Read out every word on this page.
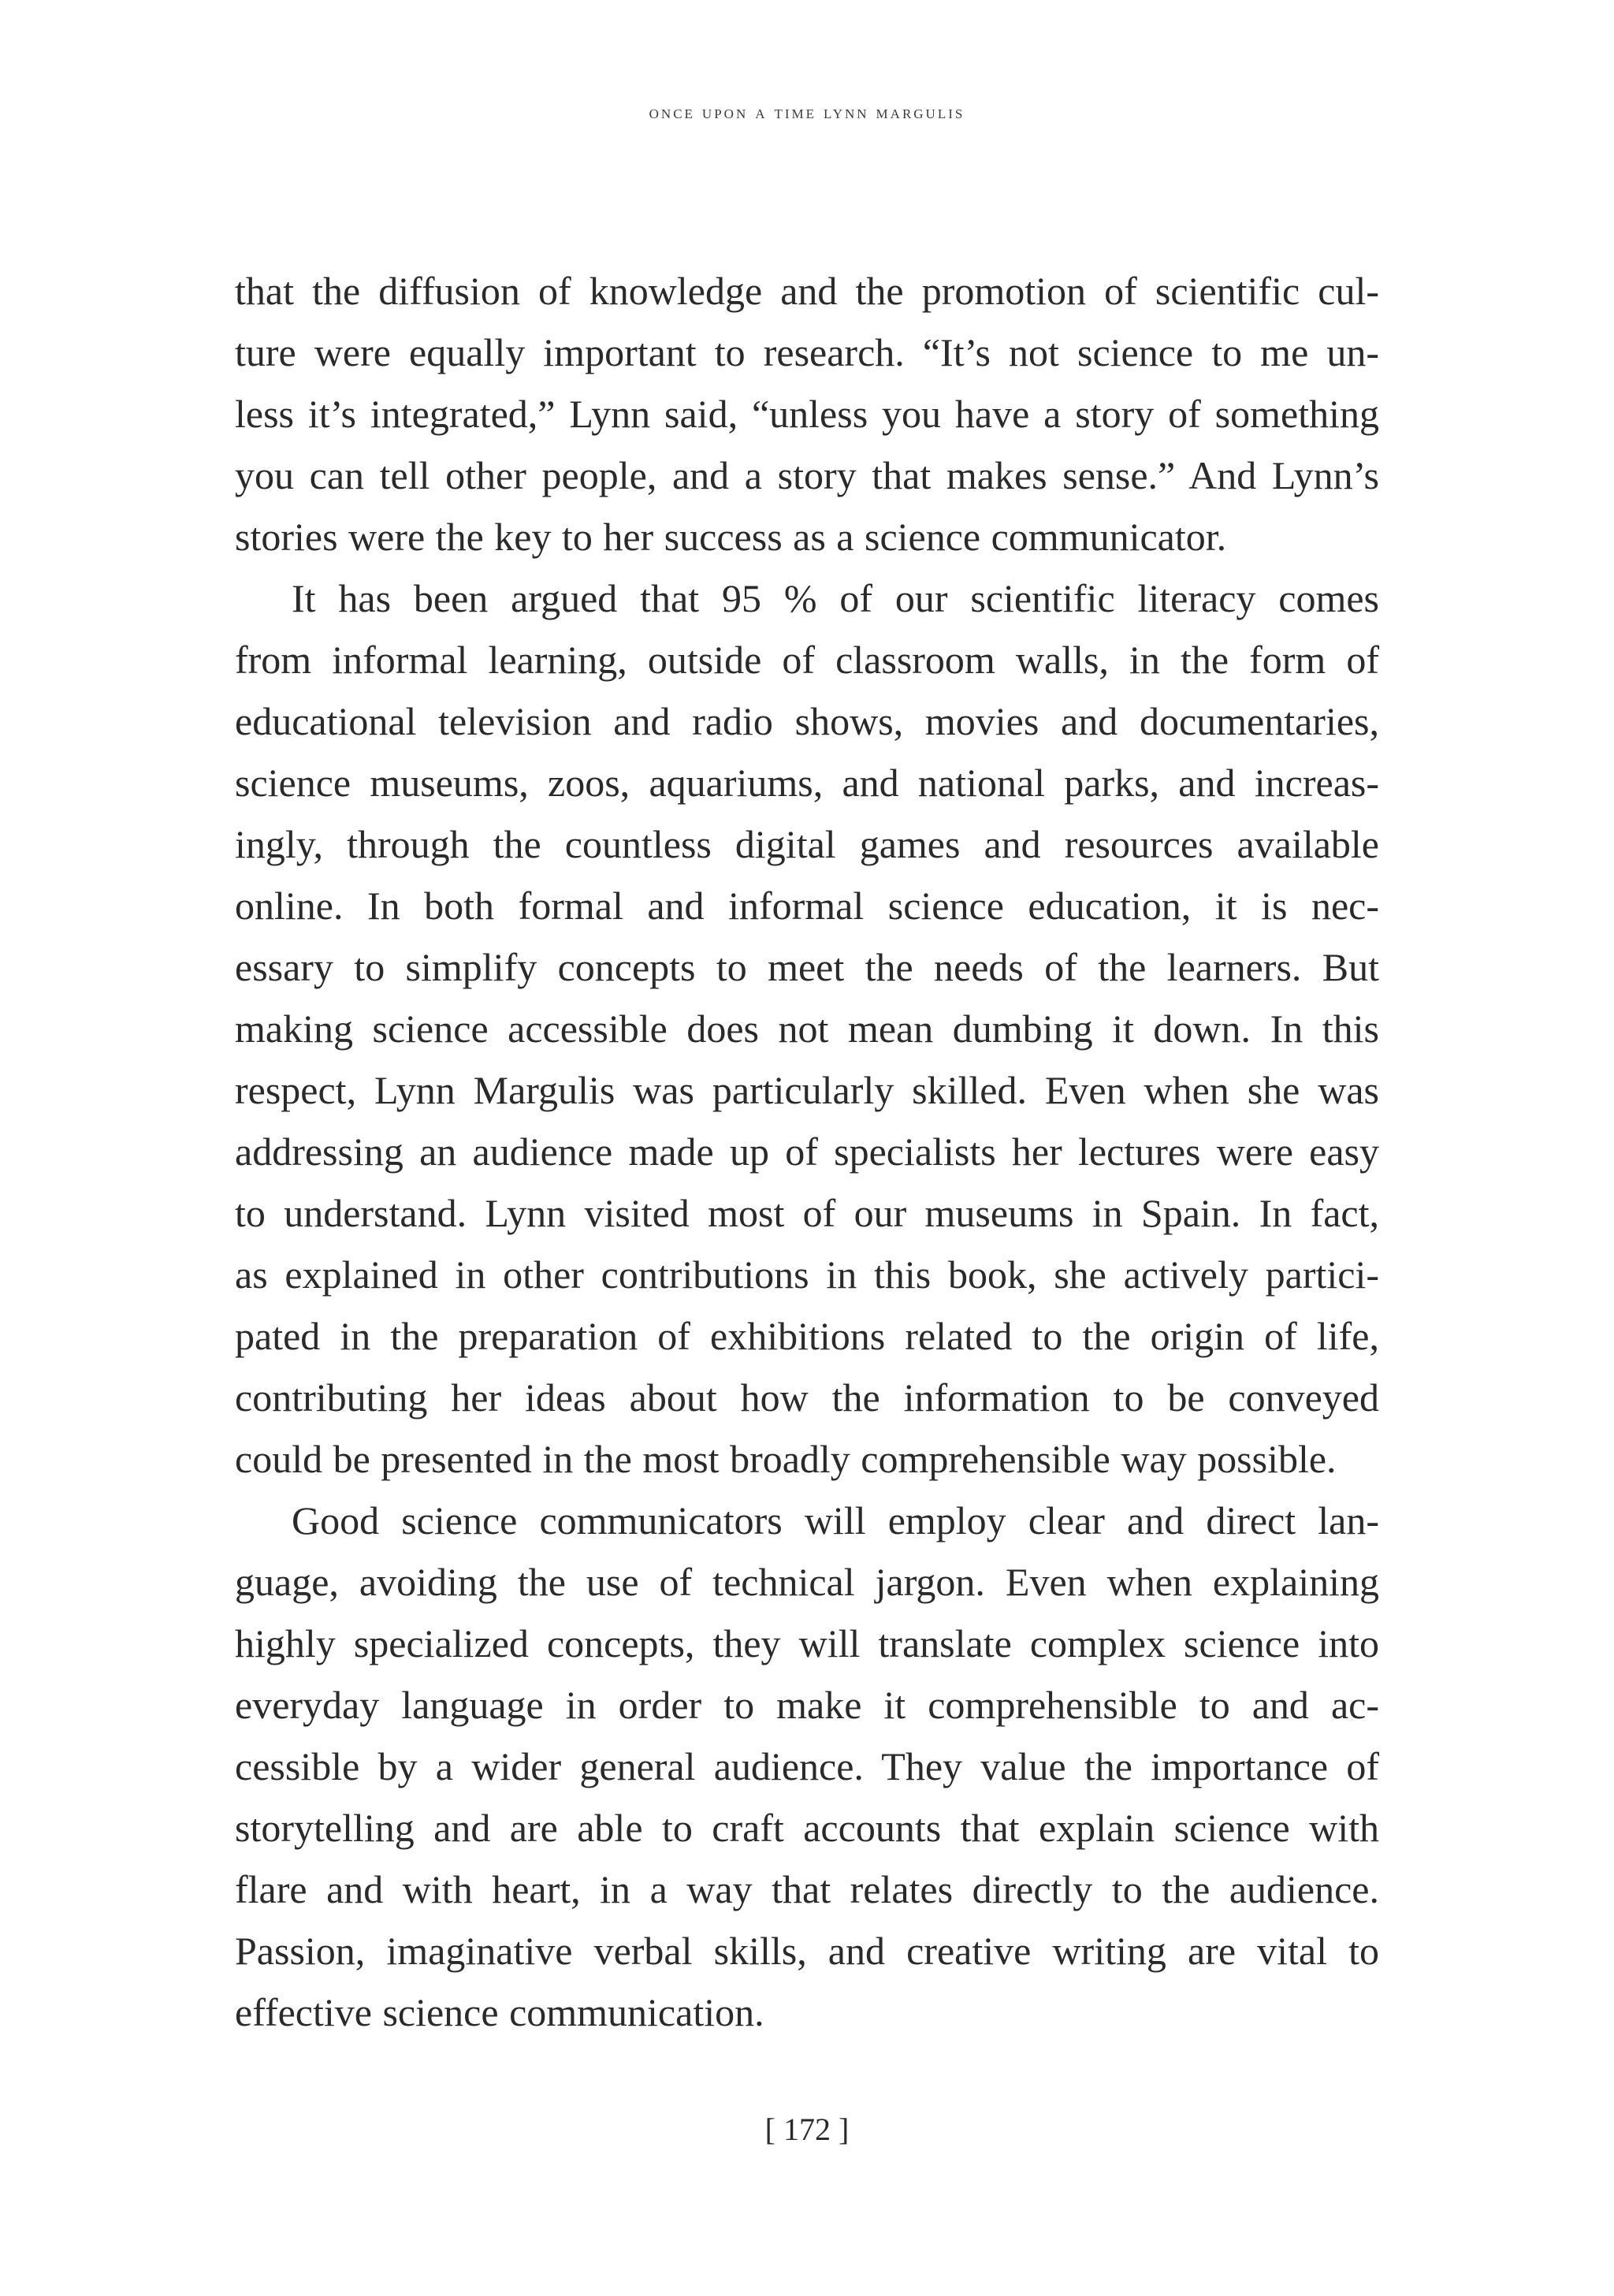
once upon a time lynn margulis
that the diffusion of knowledge and the promotion of scientific cul-
ture were equally important to research. “It’s not science to me un-
less it’s integrated,” Lynn said, “unless you have a story of something
you can tell other people, and a story that makes sense.” And Lynn’s
stories were the key to her success as a science communicator.
It has been argued that 95 % of our scientific literacy comes
from informal learning, outside of classroom walls, in the form of
educational television and radio shows, movies and documentaries,
science museums, zoos, aquariums, and national parks, and increas-
ingly, through the countless digital games and resources available
online. In both formal and informal science education, it is nec-
essary to simplify concepts to meet the needs of the learners. But
making science accessible does not mean dumbing it down. In this
respect, Lynn Margulis was particularly skilled. Even when she was
addressing an audience made up of specialists her lectures were easy
to understand. Lynn visited most of our museums in Spain. In fact,
as explained in other contributions in this book, she actively partici-
pated in the preparation of exhibitions related to the origin of life,
contributing her ideas about how the information to be conveyed
could be presented in the most broadly comprehensible way possible.
Good science communicators will employ clear and direct lan-
guage, avoiding the use of technical jargon. Even when explaining
highly specialized concepts, they will translate complex science into
everyday language in order to make it comprehensible to and ac-
cessible by a wider general audience. They value the importance of
storytelling and are able to craft accounts that explain science with
flare and with heart, in a way that relates directly to the audience.
Passion, imaginative verbal skills, and creative writing are vital to
effective science communication.
[ 172 ]
